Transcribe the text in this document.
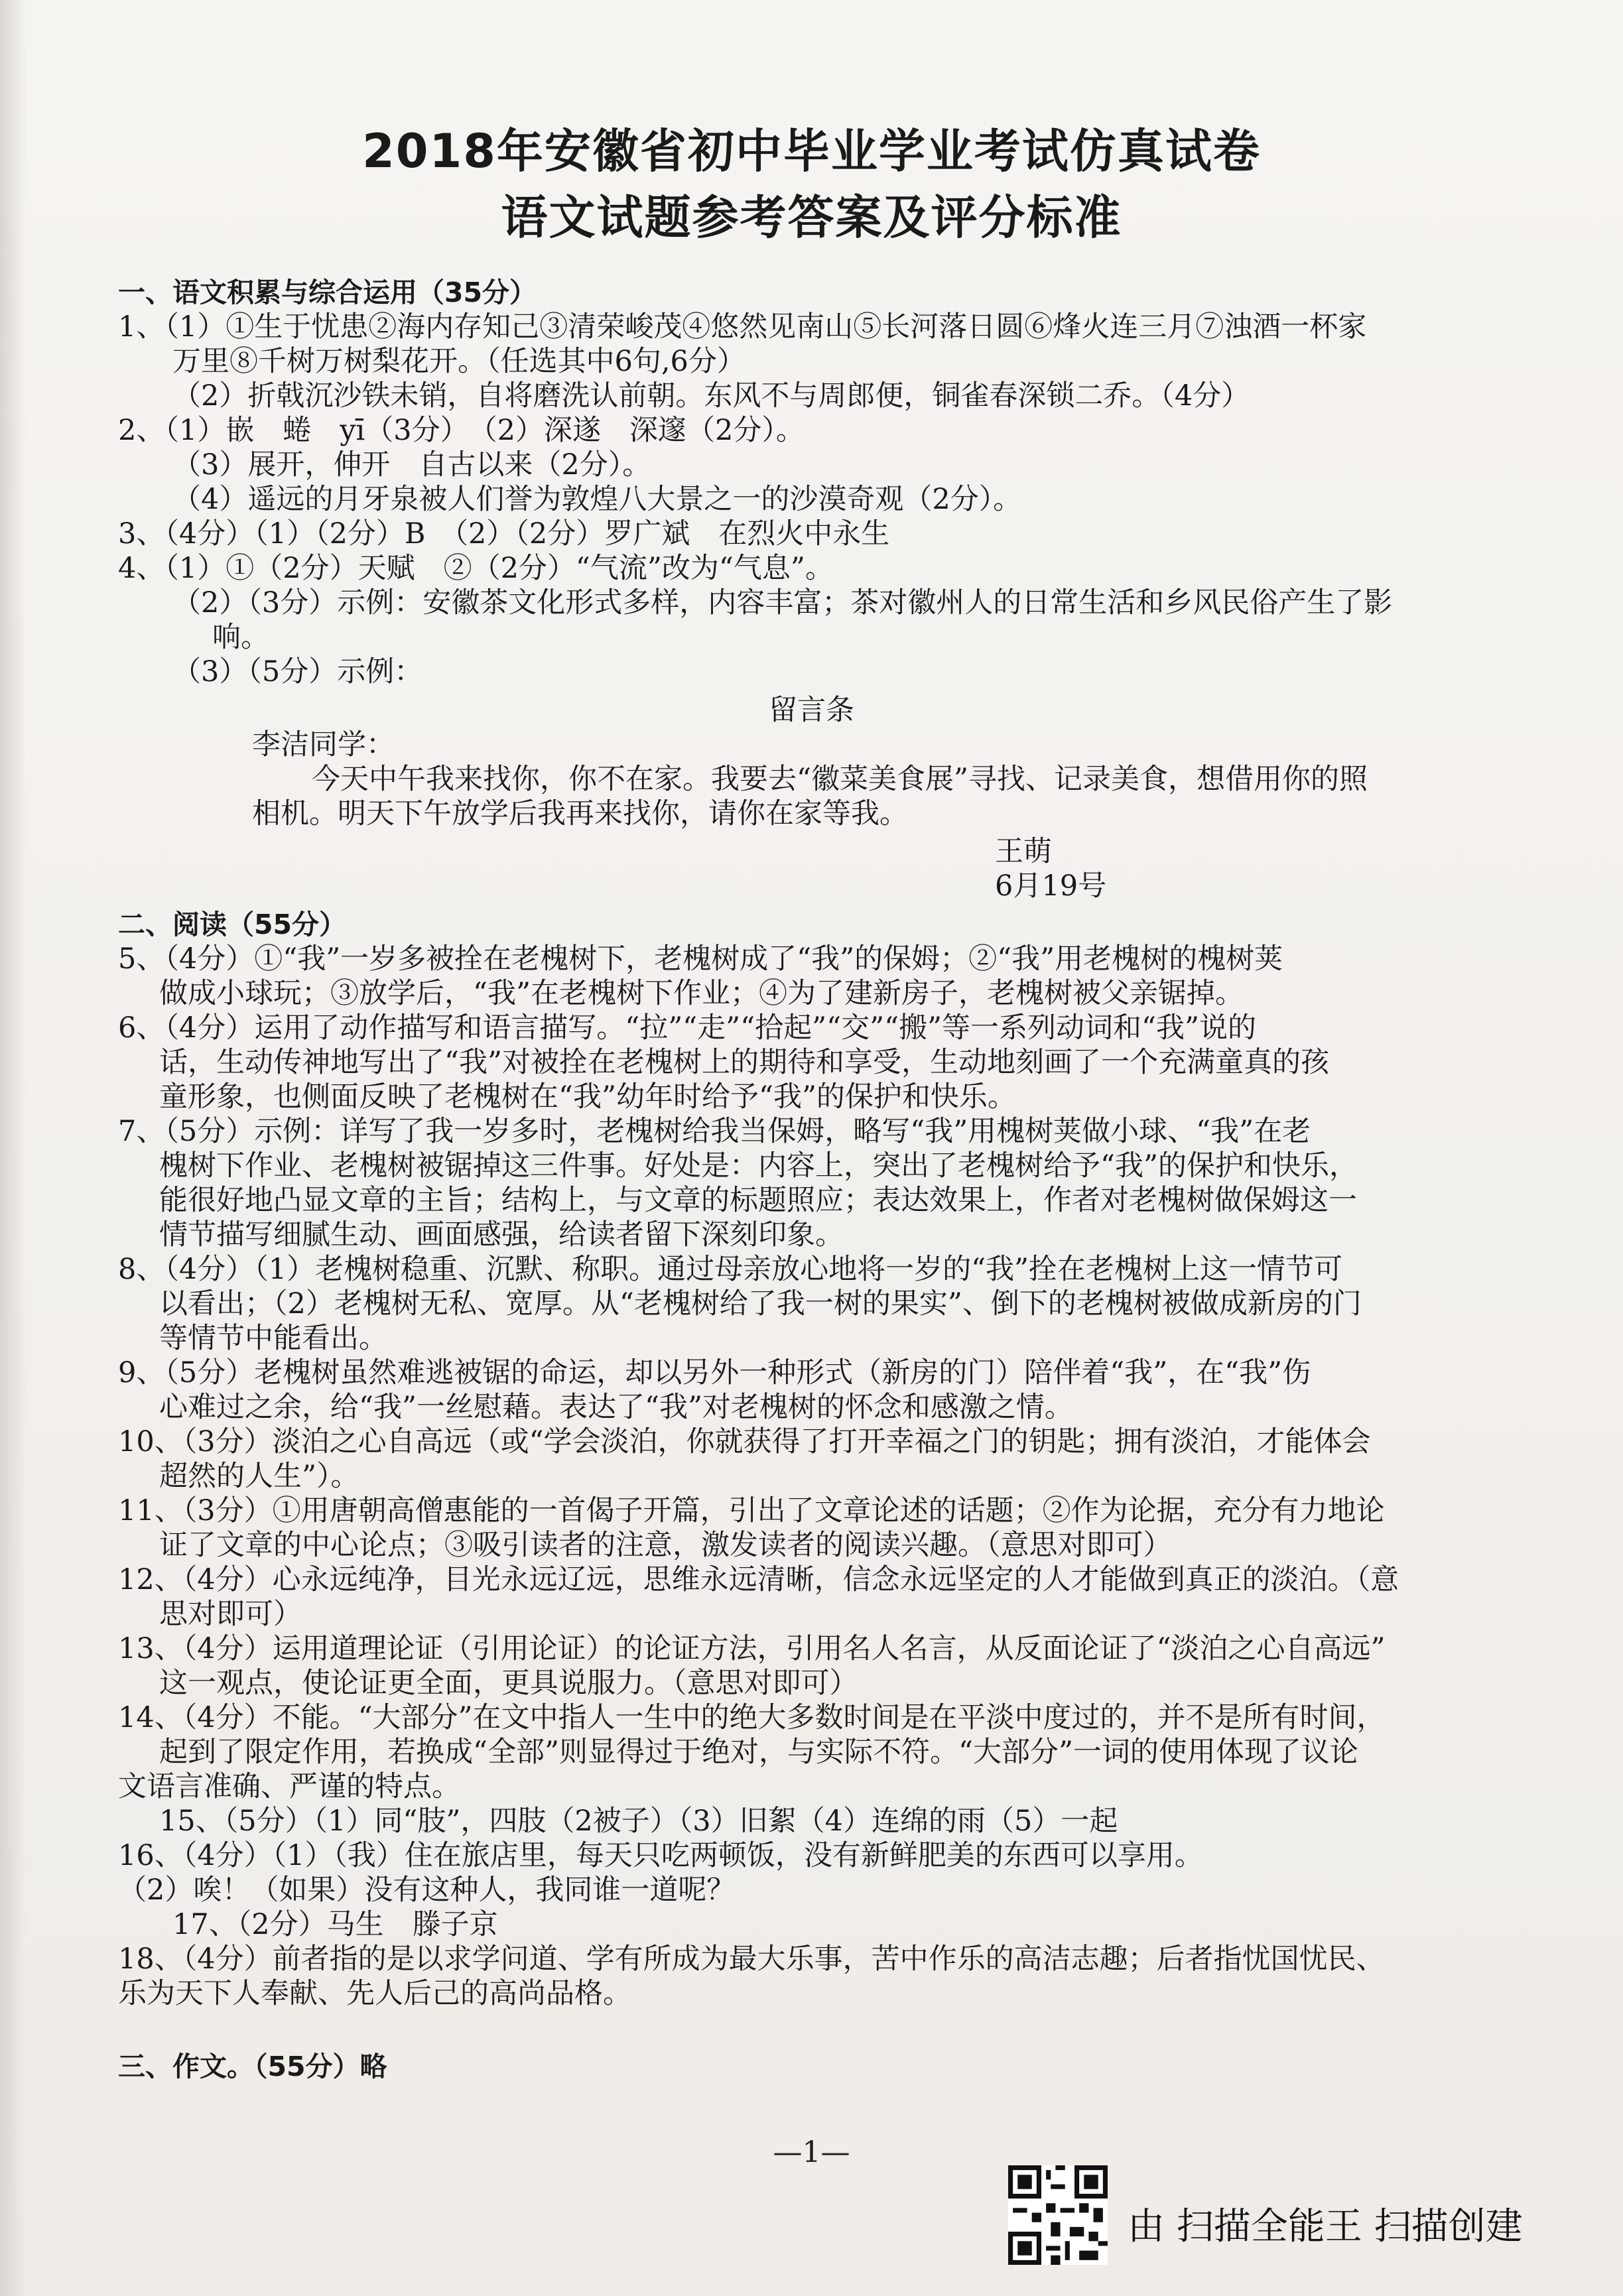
2018年安徽省初中毕业学业考试仿真试卷
语文试题参考答案及评分标准
一、语文积累与综合运用（35分）
1、（1）①生于忧患②海内存知己③清荣峻茂④悠然见南山⑤长河落日圆⑥烽火连三月⑦浊酒一杯家
万里⑧千树万树梨花开。（任选其中6句,6分）
（2）折戟沉沙铁未销，自将磨洗认前朝。东风不与周郎便，铜雀春深锁二乔。（4分）
2、（1）嵌　蜷　yī（3分）　（2）深遂　深邃（2分）。
（3）展开，伸开　自古以来（2分）。
（4）遥远的月牙泉被人们誉为敦煌八大景之一的沙漠奇观（2分）。
3、（4分）（1）（2分）B　（2）（2分）罗广斌　在烈火中永生
4、（1）①（2分）天赋　②（2分）“气流”改为“气息”。
（2）（3分）示例：安徽茶文化形式多样，内容丰富；茶对徽州人的日常生活和乡风民俗产生了影
响。
（3）（5分）示例：
留言条
李洁同学：
今天中午我来找你，你不在家。我要去“徽菜美食展”寻找、记录美食，想借用你的照
相机。明天下午放学后我再来找你，请你在家等我。
王萌
6月19号
二、阅读（55分）
5、（4分）①“我”一岁多被拴在老槐树下，老槐树成了“我”的保姆；②“我”用老槐树的槐树荚
做成小球玩；③放学后，“我”在老槐树下作业；④为了建新房子，老槐树被父亲锯掉。
6、（4分）运用了动作描写和语言描写。“拉”“走”“拾起”“交”“搬”等一系列动词和“我”说的
话，生动传神地写出了“我”对被拴在老槐树上的期待和享受，生动地刻画了一个充满童真的孩
童形象，也侧面反映了老槐树在“我”幼年时给予“我”的保护和快乐。
7、（5分）示例：详写了我一岁多时，老槐树给我当保姆，略写“我”用槐树荚做小球、“我”在老
槐树下作业、老槐树被锯掉这三件事。好处是：内容上，突出了老槐树给予“我”的保护和快乐，
能很好地凸显文章的主旨；结构上，与文章的标题照应；表达效果上，作者对老槐树做保姆这一
情节描写细腻生动、画面感强，给读者留下深刻印象。
8、（4分）（1）老槐树稳重、沉默、称职。通过母亲放心地将一岁的“我”拴在老槐树上这一情节可
以看出；（2）老槐树无私、宽厚。从“老槐树给了我一树的果实”、倒下的老槐树被做成新房的门
等情节中能看出。
9、（5分）老槐树虽然难逃被锯的命运，却以另外一种形式（新房的门）陪伴着“我”，在“我”伤
心难过之余，给“我”一丝慰藉。表达了“我”对老槐树的怀念和感激之情。
10、（3分）淡泊之心自高远（或“学会淡泊，你就获得了打开幸福之门的钥匙；拥有淡泊，才能体会
超然的人生”）。
11、（3分）①用唐朝高僧惠能的一首偈子开篇，引出了文章论述的话题；②作为论据，充分有力地论
证了文章的中心论点；③吸引读者的注意，激发读者的阅读兴趣。（意思对即可）
12、（4分）心永远纯净，目光永远辽远，思维永远清晰，信念永远坚定的人才能做到真正的淡泊。（意
思对即可）
13、（4分）运用道理论证（引用论证）的论证方法，引用名人名言，从反面论证了“淡泊之心自高远”
这一观点，使论证更全面，更具说服力。（意思对即可）
14、（4分）不能。“大部分”在文中指人一生中的绝大多数时间是在平淡中度过的，并不是所有时间，
起到了限定作用，若换成“全部”则显得过于绝对，与实际不符。“大部分”一词的使用体现了议论
文语言准确、严谨的特点。
15、（5分）（1）同“肢”，四肢（2被子）（3）旧絮（4）连绵的雨（5）一起
16、（4分）（1）（我）住在旅店里，每天只吃两顿饭，没有新鲜肥美的东西可以享用。
（2）唉！（如果）没有这种人，我同谁一道呢？
17、（2分）马生　滕子京
18、（4分）前者指的是以求学问道、学有所成为最大乐事，苦中作乐的高洁志趣；后者指忧国忧民、
乐为天下人奉献、先人后己的高尚品格。
三、作文。（55分）略
—1—
由 扫描全能王 扫描创建
